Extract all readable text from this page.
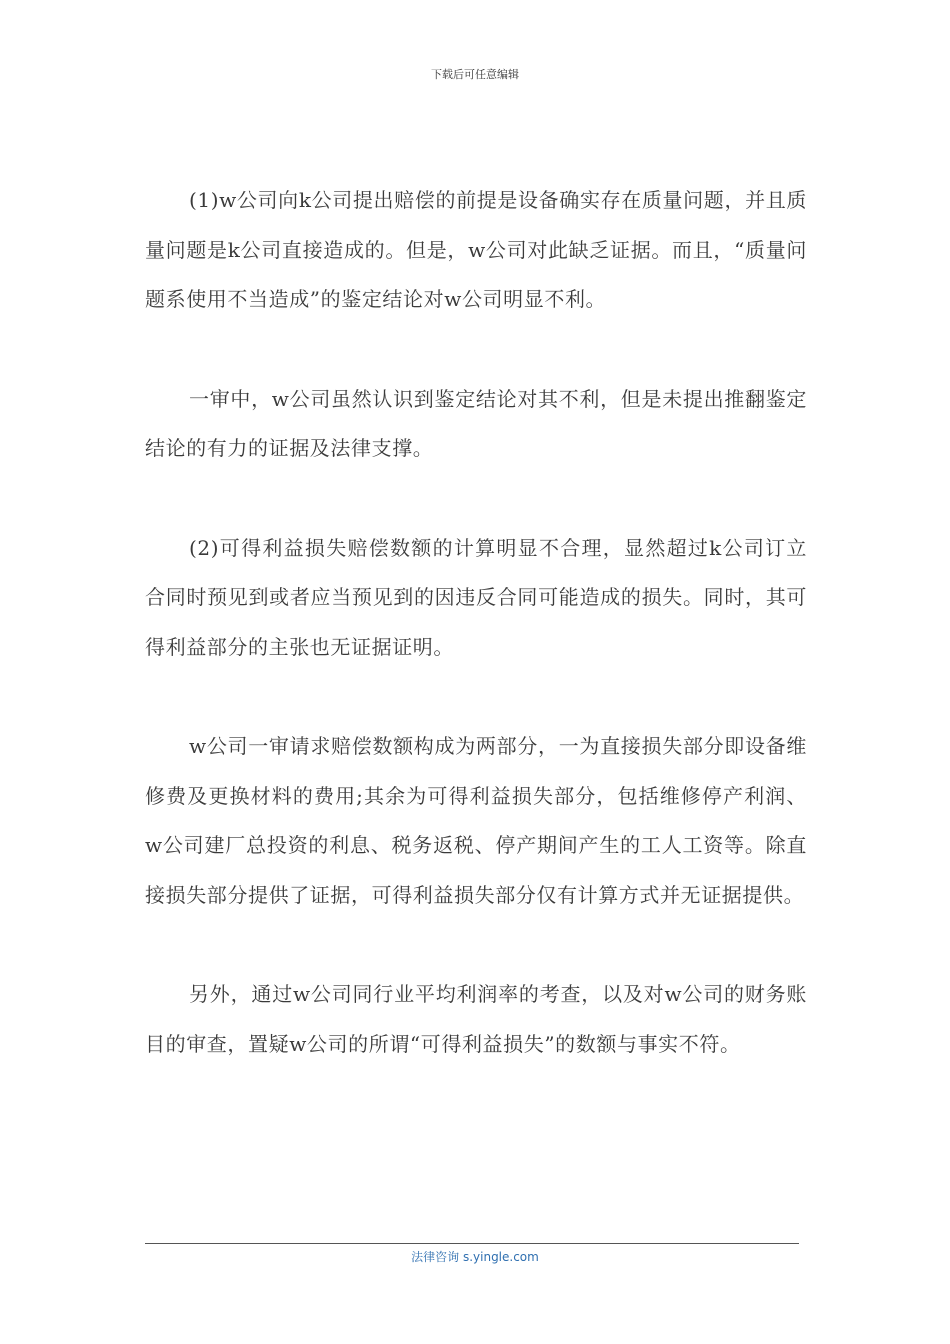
下载后可任意编辑

(1)w公司向k公司提出赔偿的前提是设备确实存在质量问题，并且质量问题是k公司直接造成的。但是，w公司对此缺乏证据。而且，“质量问题系使用不当造成”的鉴定结论对w公司明显不利。

一审中，w公司虽然认识到鉴定结论对其不利，但是未提出推翻鉴定结论的有力的证据及法律支撑。

(2)可得利益损失赔偿数额的计算明显不合理，显然超过k公司订立合同时预见到或者应当预见到的因违反合同可能造成的损失。同时，其可得利益部分的主张也无证据证明。

w公司一审请求赔偿数额构成为两部分，一为直接损失部分即设备维修费及更换材料的费用;其余为可得利益损失部分，包括维修停产利润、w公司建厂总投资的利息、税务返税、停产期间产生的工人工资等。除直接损失部分提供了证据，可得利益损失部分仅有计算方式并无证据提供。

另外，通过w公司同行业平均利润率的考查，以及对w公司的财务账目的审查，置疑w公司的所谓“可得利益损失”的数额与事实不符。

法律咨询 s.yingle.com
